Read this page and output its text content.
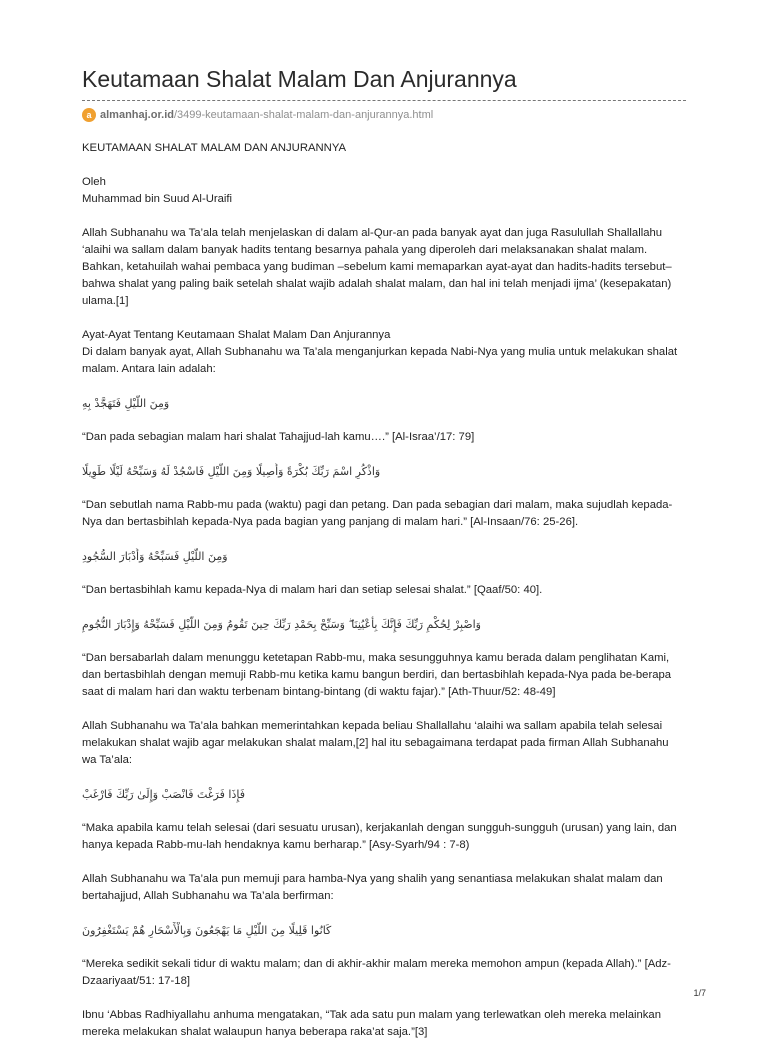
Keutamaan Shalat Malam Dan Anjurannya
a almanhaj.or.id /3499-keutamaan-shalat-malam-dan-anjurannya.html

KEUTAMAAN SHALAT MALAM DAN ANJURANNYA

Oleh
Muhammad bin Suud Al-Uraifi

Allah Subhanahu wa Ta’ala telah menjelaskan di dalam al-Qur-an pada banyak ayat dan juga Rasulullah Shallallahu ‘alaihi wa sallam dalam banyak hadits tentang besarnya pahala yang diperoleh dari melaksanakan shalat malam. Bahkan, ketahuilah wahai pembaca yang budiman –sebelum kami memaparkan ayat-ayat dan hadits-hadits tersebut– bahwa shalat yang paling baik setelah shalat wajib adalah shalat malam, dan hal ini telah menjadi ijma’ (kesepakatan) ulama.[1]

Ayat-Ayat Tentang Keutamaan Shalat Malam Dan Anjurannya
Di dalam banyak ayat, Allah Subhanahu wa Ta’ala menganjurkan kepada Nabi-Nya yang mulia untuk melakukan shalat malam. Antara lain adalah:

وَمِنَ اللَّيْلِ فَتَهَجَّدْ بِهِ

“Dan pada sebagian malam hari shalat Tahajjud-lah kamu….” [Al-Israa’/17: 79]

وَاذْكُرِ اسْمَ رَبِّكَ بُكْرَةً وَأَصِيلًا وَمِنَ اللَّيْلِ فَاسْجُدْ لَهُ وَسَبِّحْهُ لَيْلًا طَوِيلًا

“Dan sebutlah nama Rabb-mu pada (waktu) pagi dan petang. Dan pada sebagian dari malam, maka sujudlah kepada-Nya dan bertasbihlah kepada-Nya pada bagian yang panjang di malam hari.” [Al-Insaan/76: 25-26].

وَمِنَ اللَّيْلِ فَسَبِّحْهُ وَأَدْبَارَ السُّجُودِ

“Dan bertasbihlah kamu kepada-Nya di malam hari dan setiap selesai shalat.” [Qaaf/50: 40].

وَاصْبِرْ لِحُكْمِ رَبِّكَ فَإِنَّكَ بِأَعْيُنِنَا ۖ وَسَبِّحْ بِحَمْدِ رَبِّكَ حِينَ تَقُومُ وَمِنَ اللَّيْلِ فَسَبِّحْهُ وَإِدْبَارَ النُّجُومِ

“Dan bersabarlah dalam menunggu ketetapan Rabb-mu, maka sesungguhnya kamu berada dalam penglihatan Kami, dan bertasbihlah dengan memuji Rabb-mu ketika kamu bangun berdiri, dan bertasbihlah kepada-Nya pada be-berapa saat di malam hari dan waktu terbenam bintang-bintang (di waktu fajar).” [Ath-Thuur/52: 48-49]

Allah Subhanahu wa Ta’ala bahkan memerintahkan kepada beliau Shallallahu ‘alaihi wa sallam apabila telah selesai melakukan shalat wajib agar melakukan shalat malam,[2] hal itu sebagaimana terdapat pada firman Allah Subhanahu wa Ta’ala:

فَإِذَا فَرَغْتَ فَانْصَبْ وَإِلَىٰ رَبِّكَ فَارْغَبْ

“Maka apabila kamu telah selesai (dari sesuatu urusan), kerjakanlah dengan sungguh-sungguh (urusan) yang lain, dan hanya kepada Rabb-mu-lah hendaknya kamu berharap.” [Asy-Syarh/94 : 7-8)

Allah Subhanahu wa Ta’ala pun memuji para hamba-Nya yang shalih yang senantiasa melakukan shalat malam dan bertahajjud, Allah Subhanahu wa Ta’ala berfirman:

كَانُوا قَلِيلًا مِنَ اللَّيْلِ مَا يَهْجَعُونَ وَبِالْأَسْحَارِ هُمْ يَسْتَغْفِرُونَ

“Mereka sedikit sekali tidur di waktu malam; dan di akhir-akhir malam mereka memohon ampun (kepada Allah).” [Adz-Dzaariyaat/51: 17-18]

Ibnu ‘Abbas Radhiyallahu anhuma mengatakan, “Tak ada satu pun malam yang terlewatkan oleh mereka melainkan mereka melakukan shalat walaupun hanya beberapa raka’at saja.”[3]

1/7
